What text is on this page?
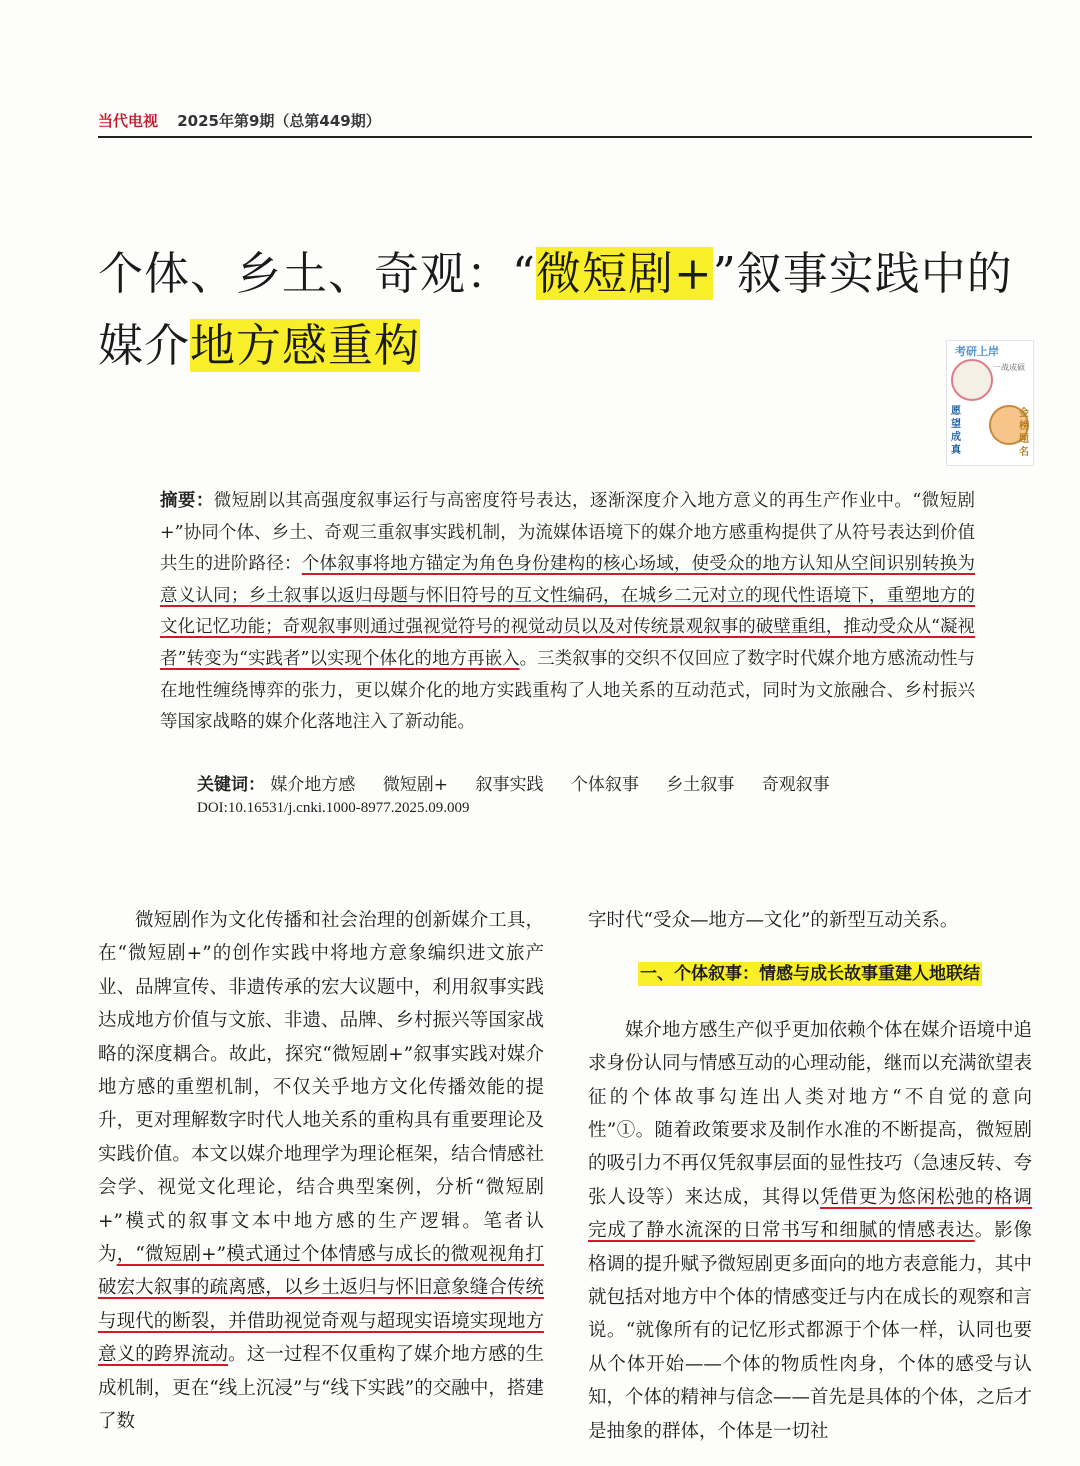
当代电视 2025年第9期（总第449期）
个体、乡土、奇观：“微短剧+”叙事实践中的
媒介地方感重构	考研上岸
一战成硕
愿望成真
金榜题名
摘要：微短剧以其高强度叙事运行与高密度符号表达，逐渐深度介入地方意义的再生产作业中。“微短剧+”协同个体、乡土、奇观三重叙事实践机制，为流媒体语境下的媒介地方感重构提供了从符号表达到价值共生的进阶路径：个体叙事将地方锚定为角色身份建构的核心场域，使受众的地方认知从空间识别转换为意义认同；乡土叙事以返归母题与怀旧符号的互文性编码，在城乡二元对立的现代性语境下，重塑地方的文化记忆功能；奇观叙事则通过强视觉符号的视觉动员以及对传统景观叙事的破壁重组，推动受众从“凝视者”转变为“实践者”以实现个体化的地方再嵌入。三类叙事的交织不仅回应了数字时代媒介地方感流动性与在地性缠绕博弈的张力，更以媒介化的地方实践重构了人地关系的互动范式，同时为文旅融合、乡村振兴等国家战略的媒介化落地注入了新动能。
关键词： 媒介地方感 微短剧+ 叙事实践 个体叙事 乡土叙事 奇观叙事
DOI:10.16531/j.cnki.1000-8977.2025.09.009

微短剧作为文化传播和社会治理的创新媒介工具，在“微短剧+”的创作实践中将地方意象编织进文旅产业、品牌宣传、非遗传承的宏大议题中，利用叙事实践达成地方价值与文旅、非遗、品牌、乡村振兴等国家战略的深度耦合。故此，探究“微短剧+”叙事实践对媒介地方感的重塑机制，不仅关乎地方文化传播效能的提升，更对理解数字时代人地关系的重构具有重要理论及实践价值。本文以媒介地理学为理论框架，结合情感社会学、视觉文化理论，结合典型案例，分析“微短剧+”模式的叙事文本中地方感的生产逻辑。笔者认为，“微短剧+”模式通过个体情感与成长的微观视角打破宏大叙事的疏离感，以乡土返归与怀旧意象缝合传统与现代的断裂，并借助视觉奇观与超现实语境实现地方意义的跨界流动。这一过程不仅重构了媒介地方感的生成机制，更在“线上沉浸”与“线下实践”的交融中，搭建了数

字时代“受众—地方—文化”的新型互动关系。

一、个体叙事：情感与成长故事重建人地联结

媒介地方感生产似乎更加依赖个体在媒介语境中追求身份认同与情感互动的心理动能，继而以充满欲望表征的个体故事勾连出人类对地方“不自觉的意向性”①。随着政策要求及制作水准的不断提高，微短剧的吸引力不再仅凭叙事层面的显性技巧（急速反转、夸张人设等）来达成，其得以凭借更为悠闲松弛的格调完成了静水流深的日常书写和细腻的情感表达。影像格调的提升赋予微短剧更多面向的地方表意能力，其中就包括对地方中个体的情感变迁与内在成长的观察和言说。“就像所有的记忆形式都源于个体一样，认同也要从个体开始——个体的物质性肉身，个体的感受与认知，个体的精神与信念——首先是具体的个体，之后才是抽象的群体，个体是一切社
